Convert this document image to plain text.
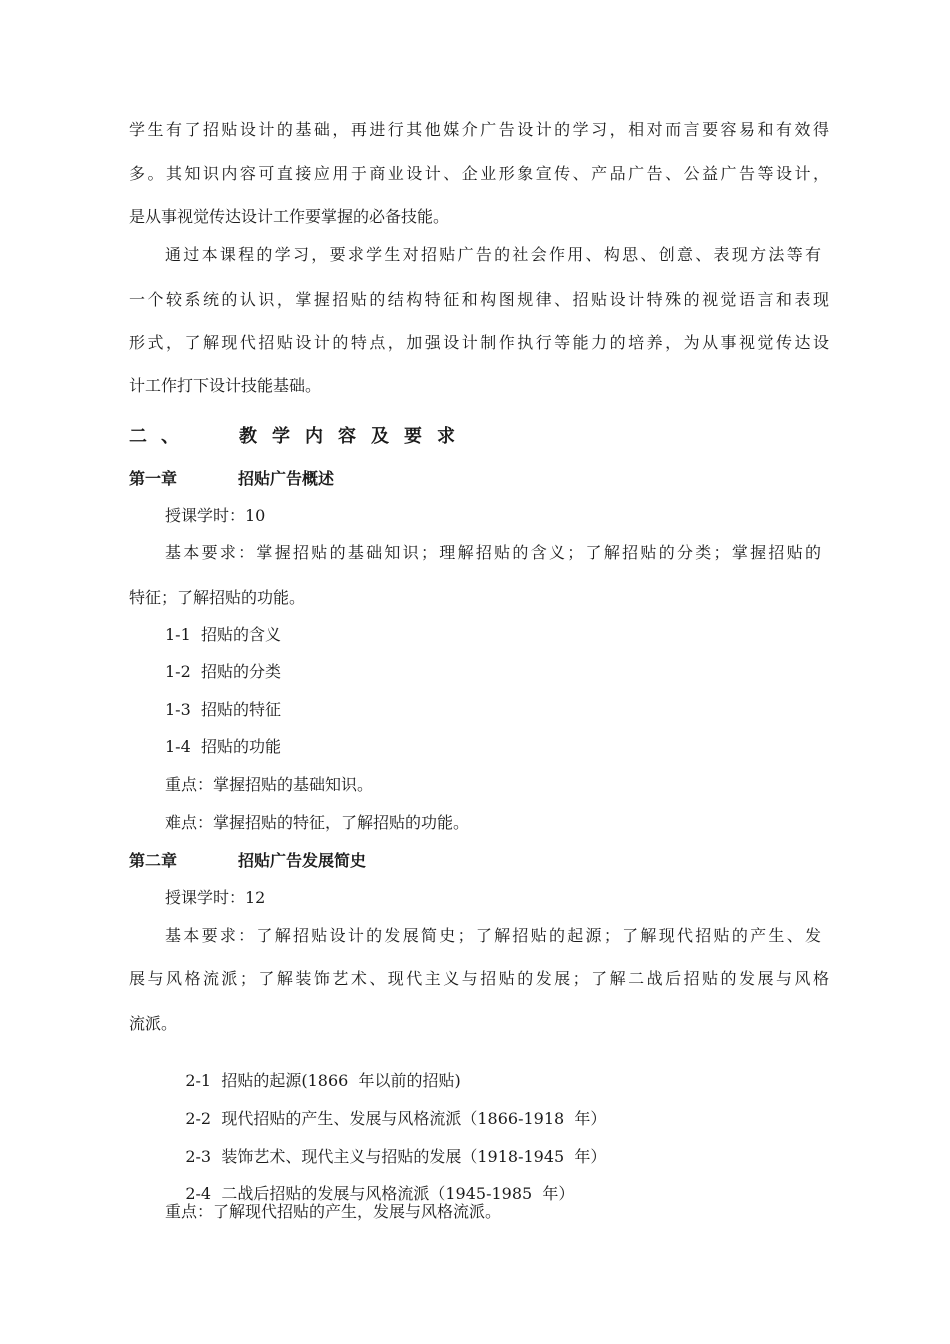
学生有了招贴设计的基础，再进行其他媒介广告设计的学习，相对而言要容易和有效得
多。其知识内容可直接应用于商业设计、企业形象宣传、产品广告、公益广告等设计，
是从事视觉传达设计工作要掌握的必备技能。
通过本课程的学习，要求学生对招贴广告的社会作用、构思、创意、表现方法等有
一个较系统的认识，掌握招贴的结构特征和构图规律、招贴设计特殊的视觉语言和表现
形式，了解现代招贴设计的特点，加强设计制作执行等能力的培养，为从事视觉传达设
计工作打下设计技能基础。
二、	教学内容及要求
第一章	招贴广告概述
授课学时：10
基本要求：掌握招贴的基础知识；理解招贴的含义；了解招贴的分类；掌握招贴的
特征；了解招贴的功能。
1-1 招贴的含义
1-2 招贴的分类
1-3 招贴的特征
1-4 招贴的功能
重点：掌握招贴的基础知识。
难点：掌握招贴的特征，了解招贴的功能。
第二章	招贴广告发展简史
授课学时：12
基本要求：了解招贴设计的发展简史；了解招贴的起源；了解现代招贴的产生、发
展与风格流派；了解装饰艺术、现代主义与招贴的发展；了解二战后招贴的发展与风格
流派。

2-1 招贴的起源(1866  年以前的招贴)

2-2 现代招贴的产生、发展与风格流派（1866-1918  年）

2-3 装饰艺术、现代主义与招贴的发展（1918-1945  年）

2-4 二战后招贴的发展与风格流派（1945-1985  年）

重点：了解现代招贴的产生，发展与风格流派。
